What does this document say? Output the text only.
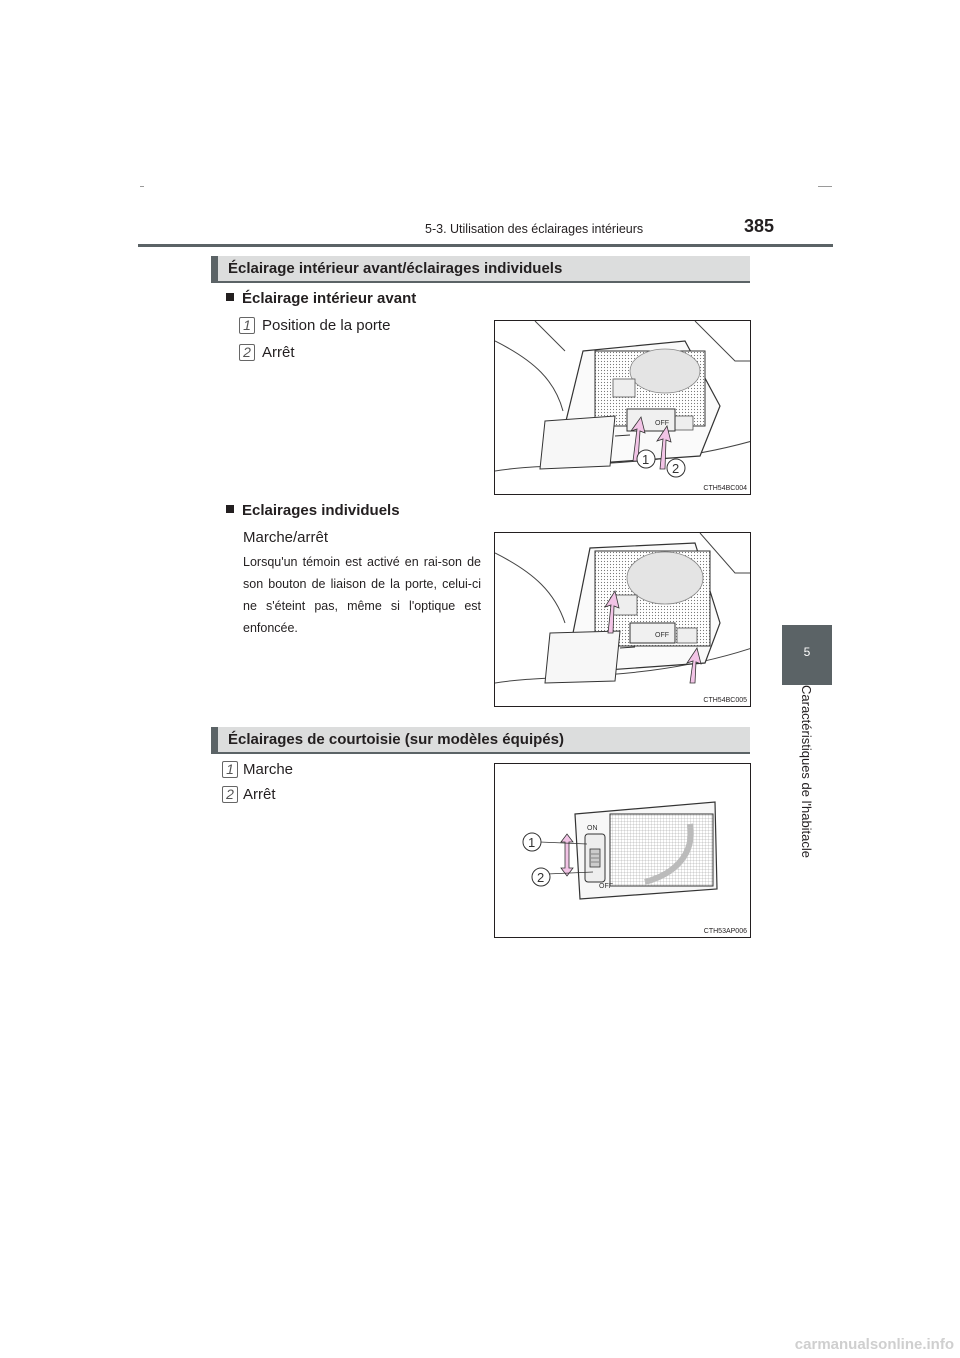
5-3. Utilisation des éclairages intérieurs	385
5
Caractéristiques de l'habitacle
Éclairage intérieur avant/éclairages individuels
Éclairage intérieur avant
1 Position de la porte
2 Arrêt
OFF
1
2
CTH54BC004
Eclairages individuels
Marche/arrêt
Lorsqu'un témoin est activé en rai-son de son bouton de liaison de la porte, celui-ci ne s'éteint pas, même si l'optique est enfoncée.
OFF
CTH54BC005
Éclairages de courtoisie (sur modèles équipés)
1 Marche
2 Arrêt
ON
OFF
1
2
CTH53AP006
carmanualsonline.info
